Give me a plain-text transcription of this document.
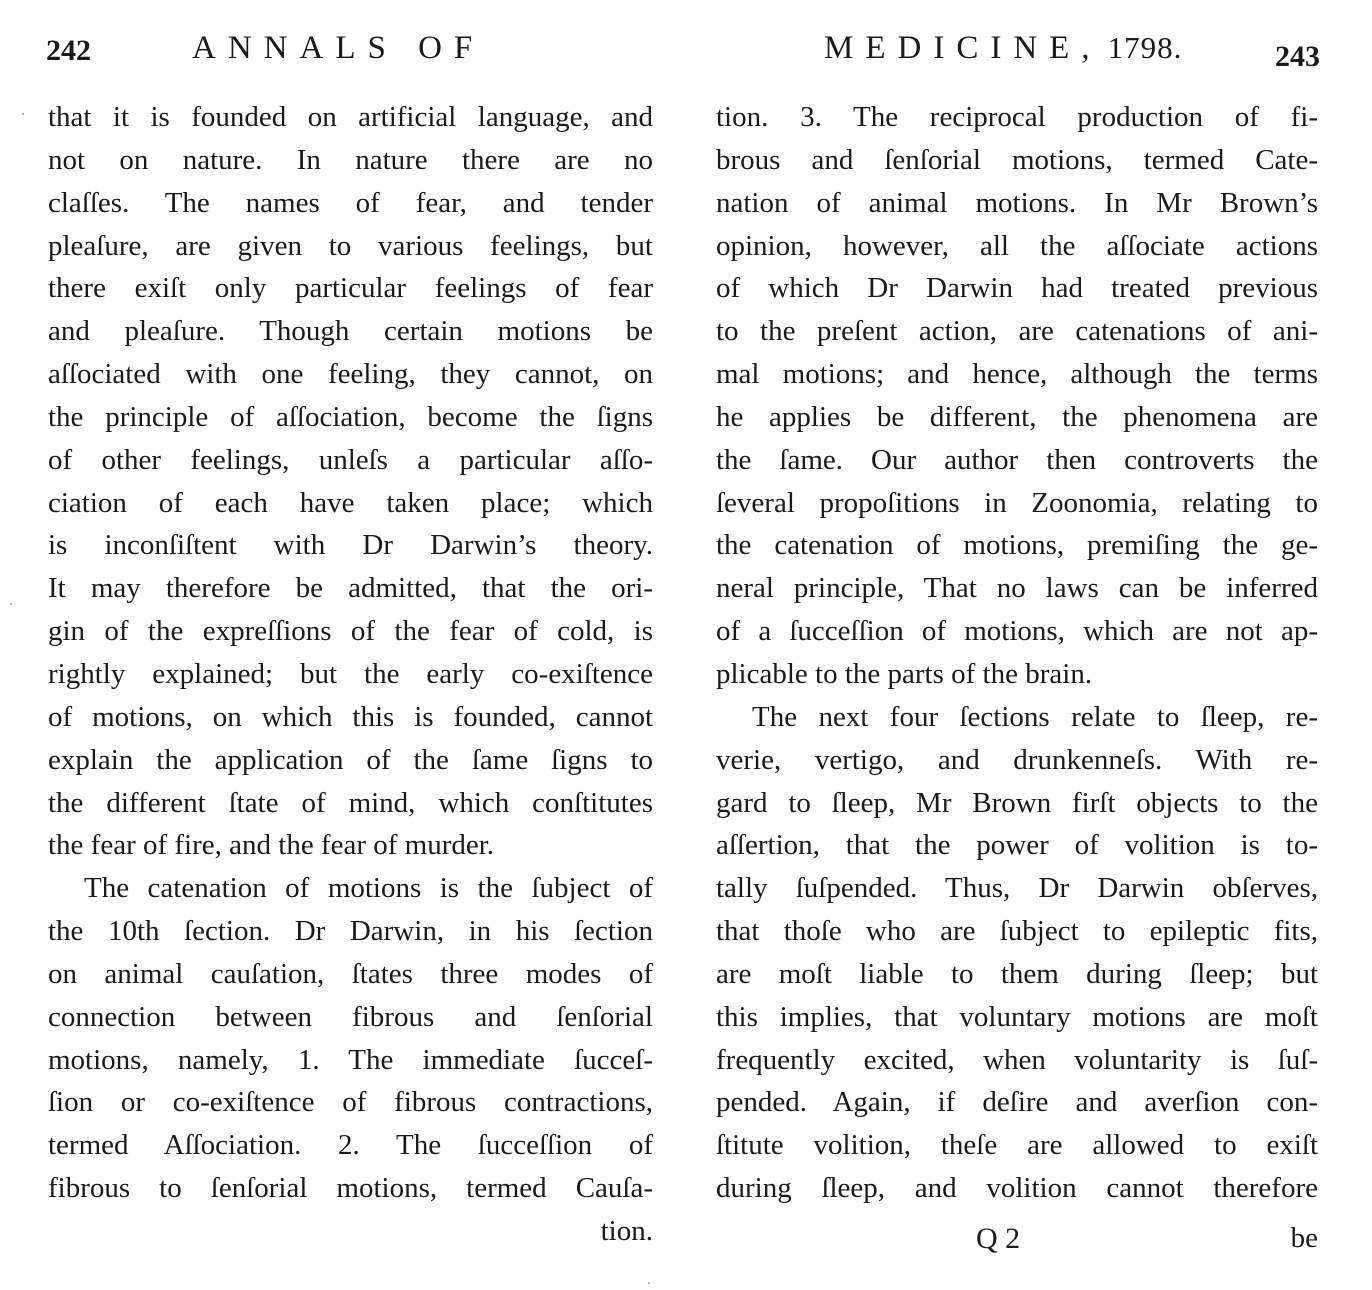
242	ANNALS OF
that it is founded on artificial language, and
not on nature. In nature there are no
claſſes. The names of fear, and tender
pleaſure, are given to various feelings, but
there exiſt only particular feelings of fear
and pleaſure. Though certain motions be
aſſociated with one feeling, they cannot, on
the principle of aſſociation, become the ſigns
of other feelings, unleſs a particular aſſo-
ciation of each have taken place; which
is inconſiſtent with Dr Darwin’s theory.
It may therefore be admitted, that the ori-
gin of the expreſſions of the fear of cold, is
rightly explained; but the early co-exiſtence
of motions, on which this is founded, cannot
explain the application of the ſame ſigns to
the different ſtate of mind, which conſtitutes
the fear of fire, and the fear of murder.
The catenation of motions is the ſubject of
the 10th ſection. Dr Darwin, in his ſection
on animal cauſation, ſtates three modes of
connection between fibrous and ſenſorial
motions, namely, 1. The immediate ſucceſ-
ſion or co-exiſtence of fibrous contractions,
termed Aſſociation. 2. The ſucceſſion of
fibrous to ſenſorial motions, termed Cauſa-
tion.
MEDICINE, 1798.	243
tion. 3. The reciprocal production of fi-
brous and ſenſorial motions, termed Cate-
nation of animal motions. In Mr Brown’s
opinion, however, all the aſſociate actions
of which Dr Darwin had treated previous
to the preſent action, are catenations of ani-
mal motions; and hence, although the terms
he applies be different, the phenomena are
the ſame. Our author then controverts the
ſeveral propoſitions in Zoonomia, relating to
the catenation of motions, premiſing the ge-
neral principle, That no laws can be inferred
of a ſucceſſion of motions, which are not ap-
plicable to the parts of the brain.
The next four ſections relate to ſleep, re-
verie, vertigo, and drunkenneſs. With re-
gard to ſleep, Mr Brown firſt objects to the
aſſertion, that the power of volition is to-
tally ſuſpended. Thus, Dr Darwin obſerves,
that thoſe who are ſubject to epileptic fits,
are moſt liable to them during ſleep; but
this implies, that voluntary motions are moſt
frequently excited, when voluntarity is ſuſ-
pended. Again, if deſire and averſion con-
ſtitute volition, theſe are allowed to exiſt
during ſleep, and volition cannot therefore
Q 2	be
